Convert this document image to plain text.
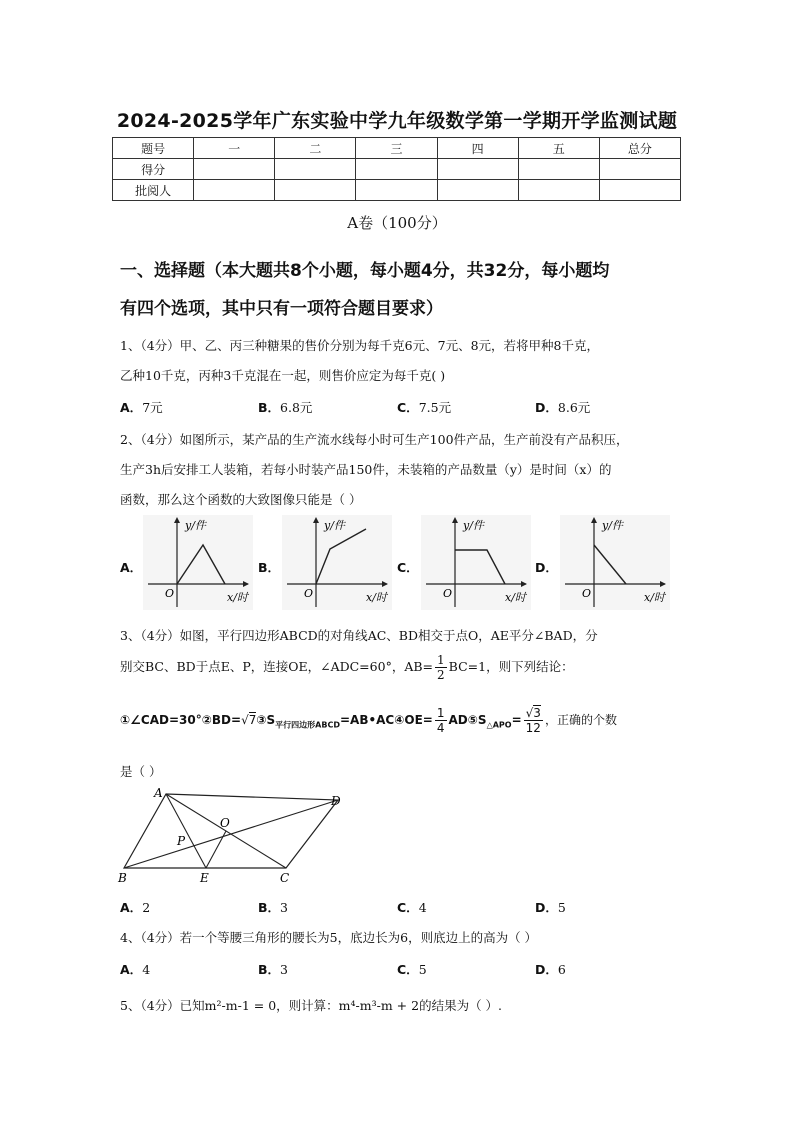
2024-2025学年广东实验中学九年级数学第一学期开学监测试题
题号	一	二	三	四	五	总分
得分						
批阅人						
A卷（100分）
一、选择题（本大题共8个小题，每小题4分，共32分，每小题均
有四个选项，其中只有一项符合题目要求）
1、（4分）甲、乙、丙三种糖果的售价分别为每千克6元、7元、8元，若将甲种8千克，
乙种10千克，丙种3千克混在一起，则售价应定为每千克( )
A．7元	B．6.8元	C．7.5元	D．8.6元
2、（4分）如图所示，某产品的生产流水线每小时可生产100件产品，生产前没有产品积压，
生产3h后安排工人装箱，若每小时装产品150件，未装箱的产品数量（y）是时间（x）的
函数，那么这个函数的大致图像只能是（ ）
A．	B．	C．	D．
y/件
O	x/时
y/件
O	x/时
y/件
O	x/时
y/件
O	x/时
3、（4分）如图，平行四边形ABCD的对角线AC、BD相交于点O，AE平分∠BAD，分
别交BC、BD于点E、P，连接OE，∠ADC=60°，$AB= \frac{1}{2} BC=1$，则下列结论：
$①\angle CAD=30^\circ ②BD=√7③S_{平行四边形ABCD}=AB•AC④OE= \frac{1}{4}$ $AD⑤S_{\triangle APO}= \frac{√3}{12}$ ，正确的个数
是（ ）
A
D
O
P
B	E	C
A．2	B．3	C．4	D．5
4、（4分）若一个等腰三角形的腰长为5，底边长为6，则底边上的高为（ ）
A．4	B．3	C．5	D．6
5、（4分）已知m²-m-1 = 0，则计算：m⁴-m³-m + 2的结果为（ ）.
